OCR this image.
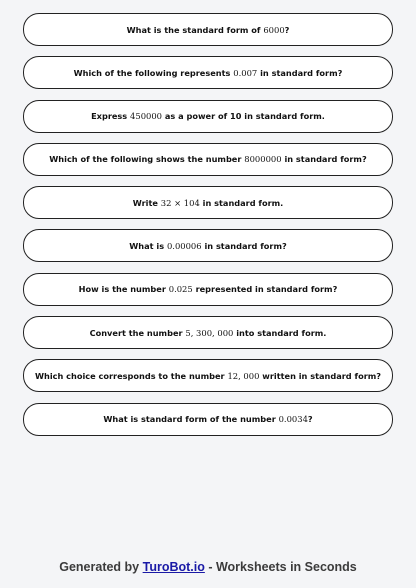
What is the standard form of
6000 ?
Which of the following represents
0.007
in standard form?
Express
450000
as a power of 10 in standard form.
Which of the following shows the number
8000000
in standard form?
Write
32 × 10 4
in standard form.
What is
0.00006
in standard form?
How is the number
0.025
represented in standard form?
Convert the number
5, 300, 000
into standard form.
Which choice corresponds to the number
12, 000
written in standard form?
What is standard form of the number
0.0034 ?
Generated by TuroBot.io - Worksheets in Seconds
